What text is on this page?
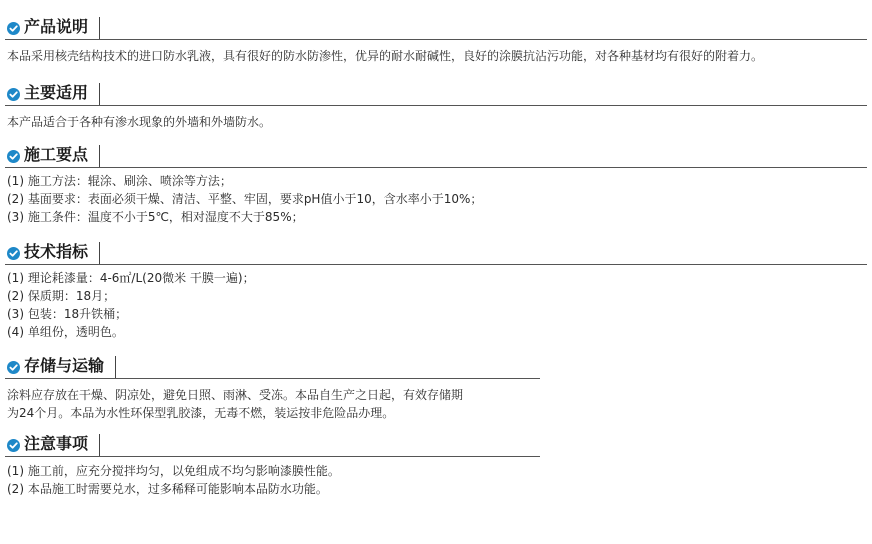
产品说明
本品采用核壳结构技术的进口防水乳液，具有很好的防水防渗性，优异的耐水耐碱性，良好的涂膜抗沾污功能，对各种基材均有很好的附着力。
主要适用
本产品适合于各种有渗水现象的外墙和外墙防水。
施工要点
(1) 施工方法：辊涂、刷涂、喷涂等方法；
(2) 基面要求：表面必须干燥、清洁、平整、牢固，要求pH值小于10，含水率小于10%；
(3) 施工条件：温度不小于5℃，相对湿度不大于85%；
技术指标
(1) 理论耗漆量：4-6㎡/L(20微米 干膜一遍)；
(2) 保质期：18月；
(3) 包装：18升铁桶；
(4) 单组份，透明色。
存储与运输
涂料应存放在干燥、阴凉处，避免日照、雨淋、受冻。本品自生产之日起，有效存储期
为24个月。本品为水性环保型乳胶漆，无毒不燃，装运按非危险品办理。
注意事项
(1) 施工前，应充分搅拌均匀，以免组成不均匀影响漆膜性能。
(2) 本品施工时需要兑水，过多稀释可能影响本品防水功能。
